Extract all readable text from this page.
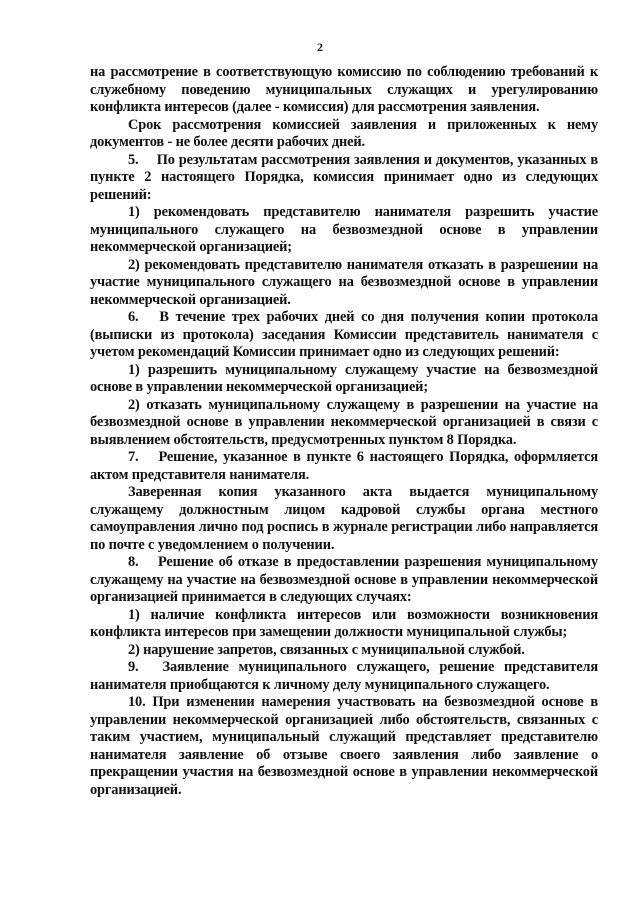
2

на рассмотрение в соответствующую комиссию по соблюдению требований к служебному поведению муниципальных служащих и урегулированию конфликта интересов (далее - комиссия) для рассмотрения заявления.

Срок рассмотрения комиссией заявления и приложенных к нему документов - не более десяти рабочих дней.

5.  По результатам рассмотрения заявления и документов, указанных в пункте 2 настоящего Порядка, комиссия принимает одно из следующих решений:

1) рекомендовать представителю нанимателя разрешить участие муниципального служащего на безвозмездной основе в управлении некоммерческой организацией;

2) рекомендовать представителю нанимателя отказать в разрешении на участие муниципального служащего на безвозмездной основе в управлении некоммерческой организацией.

6.  В течение трех рабочих дней со дня получения копии протокола (выписки из протокола) заседания Комиссии представитель нанимателя с учетом рекомендаций Комиссии принимает одно из следующих решений:

1) разрешить муниципальному служащему участие на безвозмездной основе в управлении некоммерческой организацией;

2) отказать муниципальному служащему в разрешении на участие на безвозмездной основе в управлении некоммерческой организацией в связи с выявлением обстоятельств, предусмотренных пунктом 8 Порядка.

7.  Решение, указанное в пункте 6 настоящего Порядка, оформляется актом представителя нанимателя.

Заверенная копия указанного акта выдается муниципальному служащему должностным лицом кадровой службы органа местного самоуправления лично под роспись в журнале регистрации либо направляется по почте с уведомлением о получении.

8.  Решение об отказе в предоставлении разрешения муниципальному служащему на участие на безвозмездной основе в управлении некоммерческой организацией принимается в следующих случаях:

1) наличие конфликта интересов или возможности возникновения конфликта интересов при замещении должности муниципальной службы;

2) нарушение запретов, связанных с муниципальной службой.

9.  Заявление муниципального служащего, решение представителя нанимателя приобщаются к личному делу муниципального служащего.

10. При изменении намерения участвовать на безвозмездной основе в управлении некоммерческой организацией либо обстоятельств, связанных с таким участием, муниципальный служащий представляет представителю нанимателя заявление об отзыве своего заявления либо заявление о прекращении участия на безвозмездной основе в управлении некоммерческой организацией.
